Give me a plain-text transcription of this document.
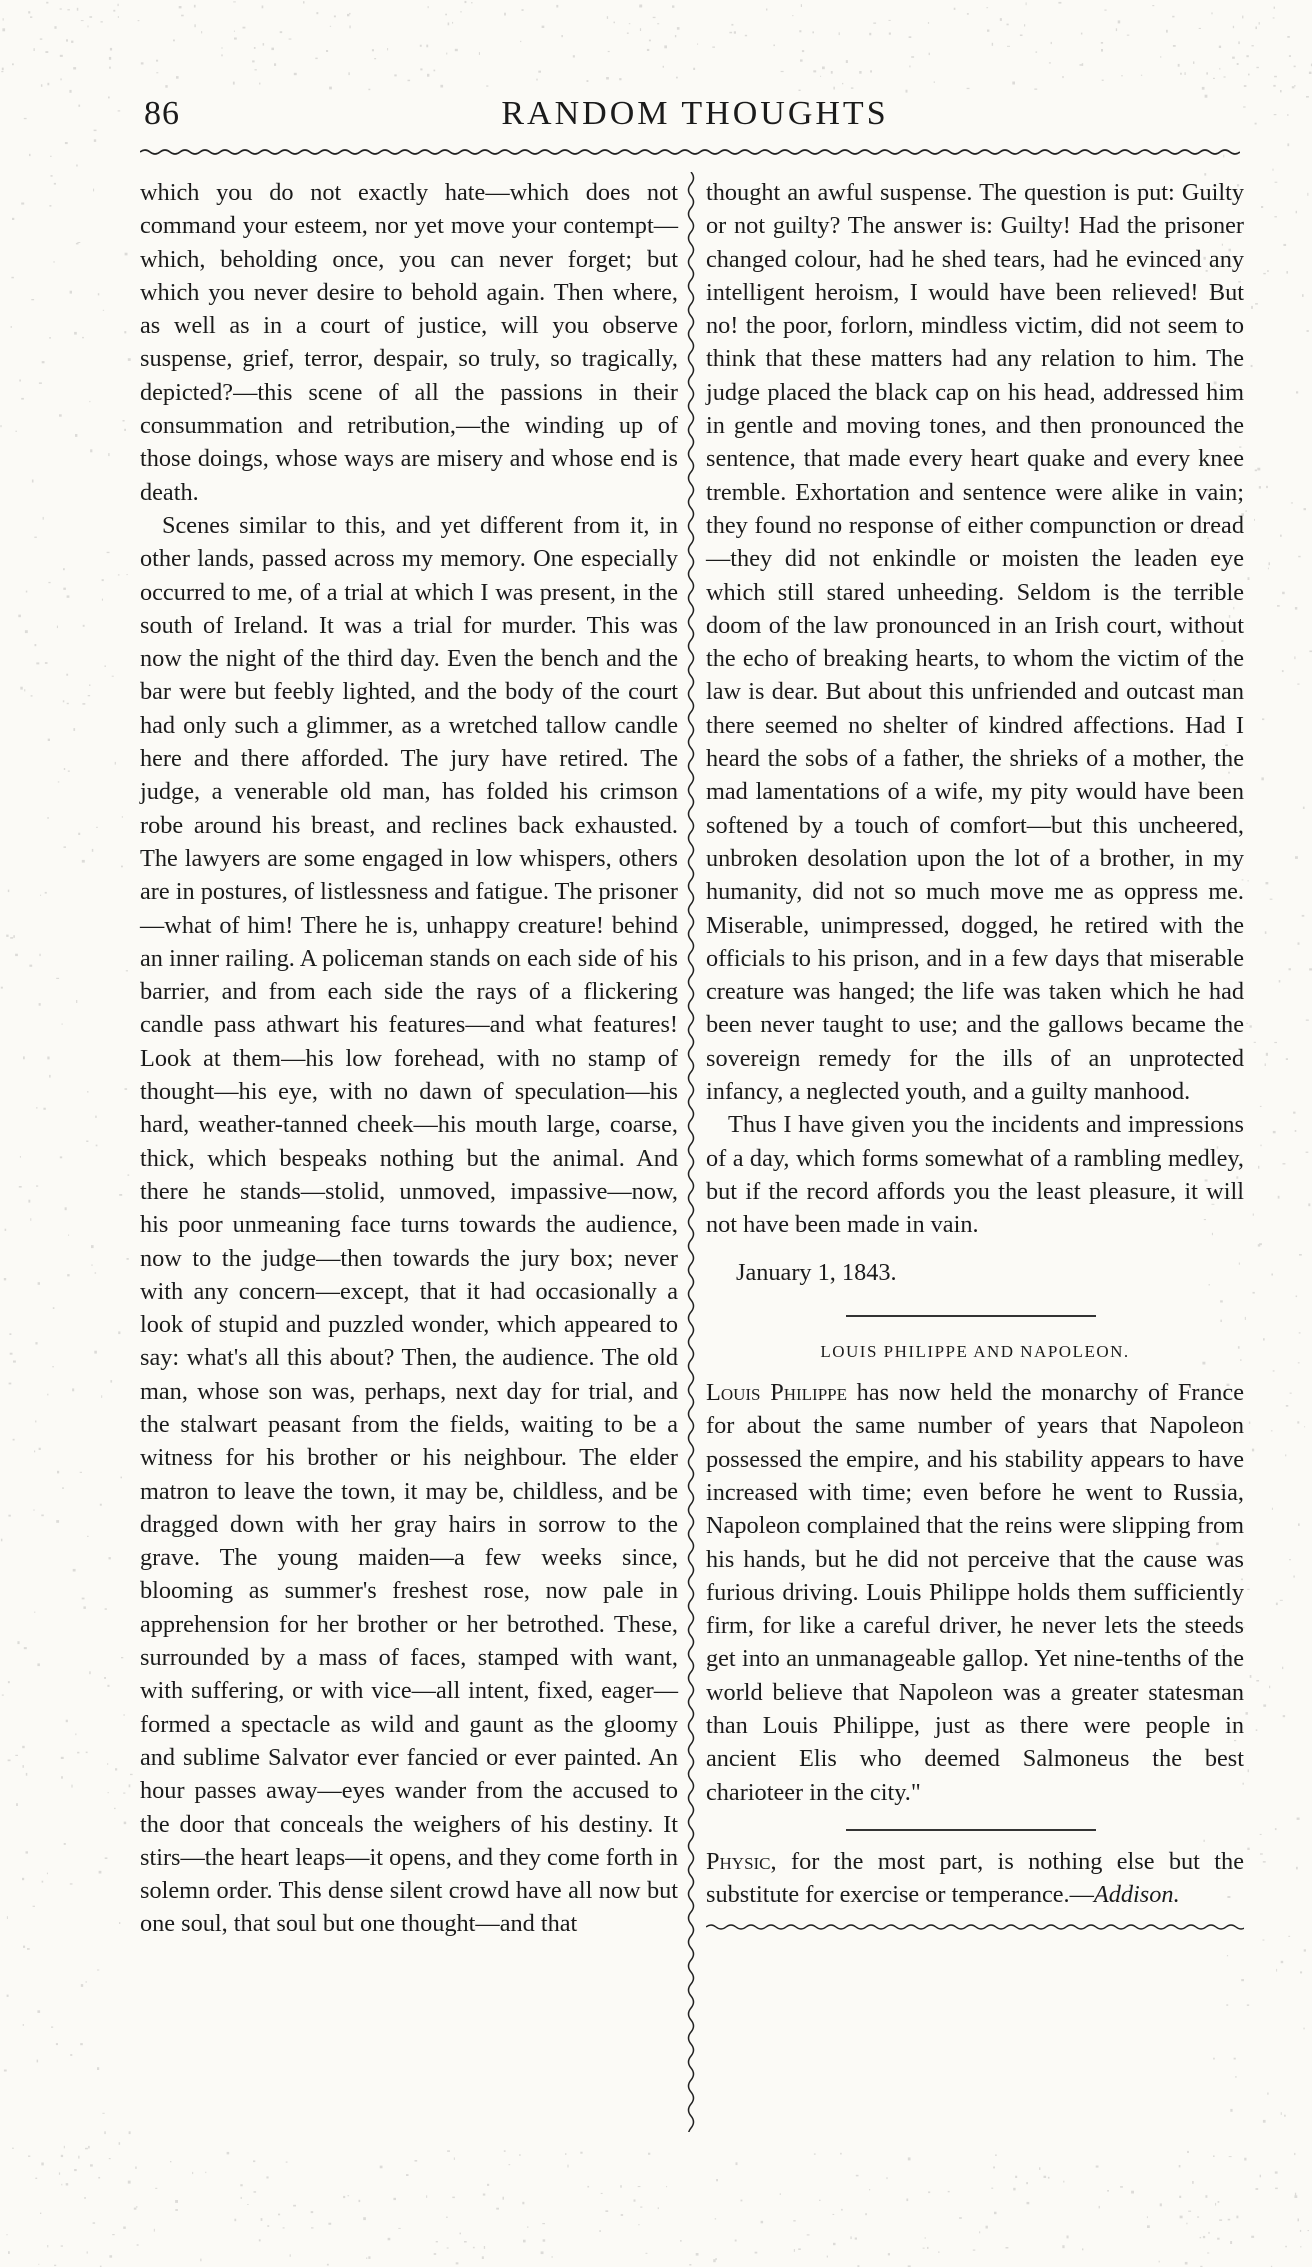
86	RANDOM THOUGHTS

which you do not exactly hate—which does not command your esteem, nor yet move your contempt—which, beholding once, you can never forget; but which you never desire to behold again. Then where, as well as in a court of justice, will you observe suspense, grief, terror, despair, so truly, so tragically, depicted?—this scene of all the passions in their consummation and retribution,—the winding up of those doings, whose ways are misery and whose end is death.

Scenes similar to this, and yet different from it, in other lands, passed across my memory. One especially occurred to me, of a trial at which I was present, in the south of Ireland. It was a trial for murder. This was now the night of the third day. Even the bench and the bar were but feebly lighted, and the body of the court had only such a glimmer, as a wretched tallow candle here and there afforded. The jury have retired. The judge, a venerable old man, has folded his crimson robe around his breast, and reclines back exhausted. The lawyers are some engaged in low whispers, others are in postures, of listlessness and fatigue. The prisoner—what of him! There he is, unhappy creature! behind an inner railing. A policeman stands on each side of his barrier, and from each side the rays of a flickering candle pass athwart his features—and what features! Look at them—his low forehead, with no stamp of thought—his eye, with no dawn of speculation—his hard, weather-tanned cheek—his mouth large, coarse, thick, which bespeaks nothing but the animal. And there he stands—stolid, unmoved, impassive—now, his poor unmeaning face turns towards the audience, now to the judge—then towards the jury box; never with any concern—except, that it had occasionally a look of stupid and puzzled wonder, which appeared to say: what's all this about? Then, the audience. The old man, whose son was, perhaps, next day for trial, and the stalwart peasant from the fields, waiting to be a witness for his brother or his neighbour. The elder matron to leave the town, it may be, childless, and be dragged down with her gray hairs in sorrow to the grave. The young maiden—a few weeks since, blooming as summer's freshest rose, now pale in apprehension for her brother or her betrothed. These, surrounded by a mass of faces, stamped with want, with suffering, or with vice—all intent, fixed, eager—formed a spectacle as wild and gaunt as the gloomy and sublime Salvator ever fancied or ever painted. An hour passes away—eyes wander from the accused to the door that conceals the weighers of his destiny. It stirs—the heart leaps—it opens, and they come forth in solemn order. This dense silent crowd have all now but one soul, that soul but one thought—and that

thought an awful suspense. The question is put: Guilty or not guilty? The answer is: Guilty! Had the prisoner changed colour, had he shed tears, had he evinced any intelligent heroism, I would have been relieved! But no! the poor, forlorn, mindless victim, did not seem to think that these matters had any relation to him. The judge placed the black cap on his head, addressed him in gentle and moving tones, and then pronounced the sentence, that made every heart quake and every knee tremble. Exhortation and sentence were alike in vain; they found no response of either compunction or dread—they did not enkindle or moisten the leaden eye which still stared unheeding. Seldom is the terrible doom of the law pronounced in an Irish court, without the echo of breaking hearts, to whom the victim of the law is dear. But about this unfriended and outcast man there seemed no shelter of kindred affections. Had I heard the sobs of a father, the shrieks of a mother, the mad lamentations of a wife, my pity would have been softened by a touch of comfort—but this uncheered, unbroken desolation upon the lot of a brother, in my humanity, did not so much move me as oppress me. Miserable, unimpressed, dogged, he retired with the officials to his prison, and in a few days that miserable creature was hanged; the life was taken which he had been never taught to use; and the gallows became the sovereign remedy for the ills of an unprotected infancy, a neglected youth, and a guilty manhood.

Thus I have given you the incidents and impressions of a day, which forms somewhat of a rambling medley, but if the record affords you the least pleasure, it will not have been made in vain.

January 1, 1843.

LOUIS PHILIPPE AND NAPOLEON.

Louis Philippe has now held the monarchy of France for about the same number of years that Napoleon possessed the empire, and his stability appears to have increased with time; even before he went to Russia, Napoleon complained that the reins were slipping from his hands, but he did not perceive that the cause was furious driving. Louis Philippe holds them sufficiently firm, for like a careful driver, he never lets the steeds get into an unmanageable gallop. Yet nine-tenths of the world believe that Napoleon was a greater statesman than Louis Philippe, just as there were people in ancient Elis who deemed Salmoneus the best charioteer in the city."

Physic, for the most part, is nothing else but the substitute for exercise or temperance.—Addison.
